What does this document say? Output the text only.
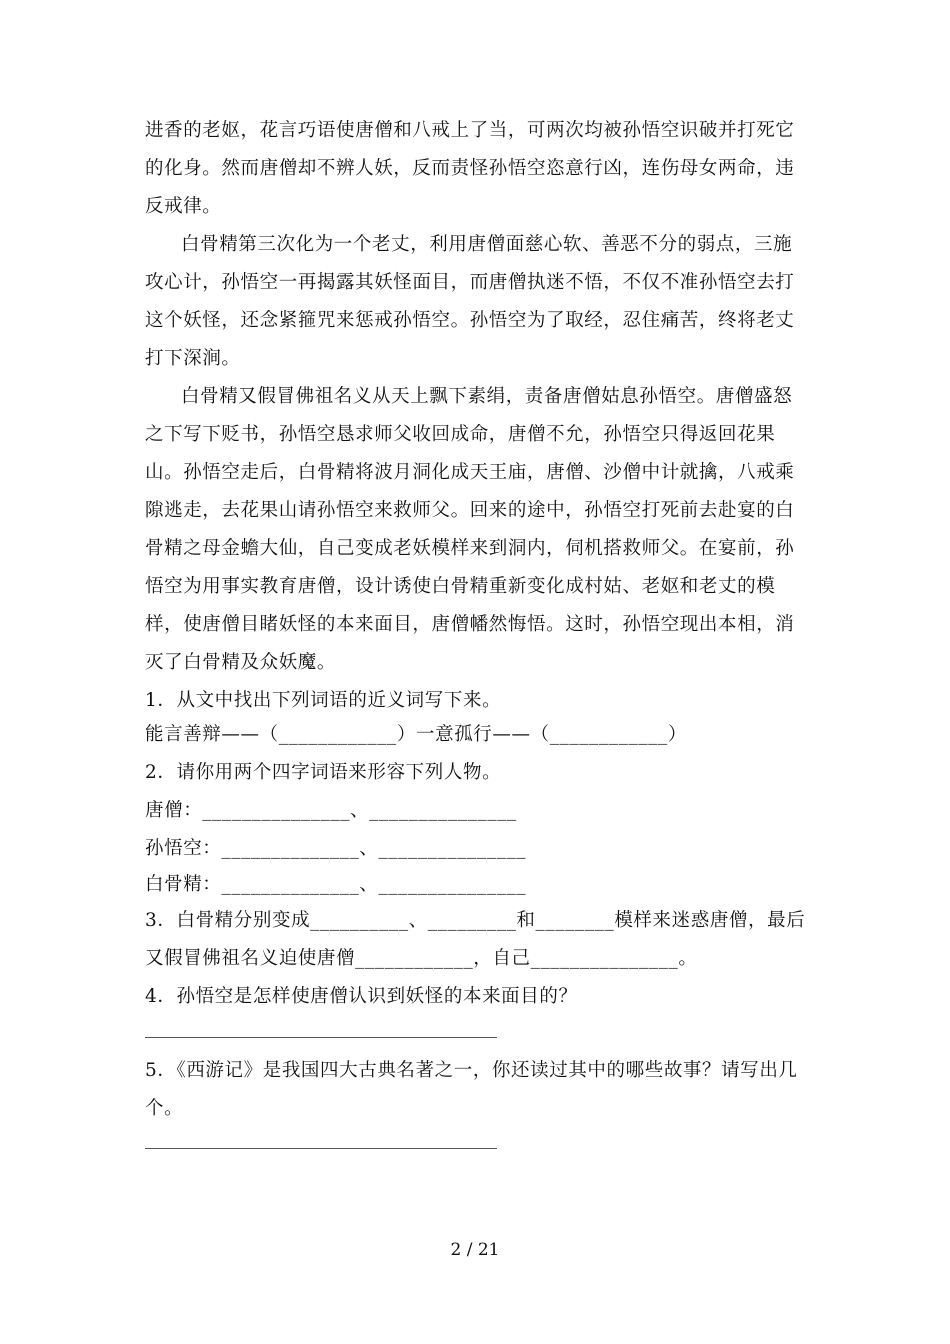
进香的老妪，花言巧语使唐僧和八戒上了当，可两次均被孙悟空识破并打死它
的化身。然而唐僧却不辨人妖，反而责怪孙悟空恣意行凶，连伤母女两命，违
反戒律。
白骨精第三次化为一个老丈，利用唐僧面慈心软、善恶不分的弱点，三施
攻心计，孙悟空一再揭露其妖怪面目，而唐僧执迷不悟，不仅不准孙悟空去打
这个妖怪，还念紧箍咒来惩戒孙悟空。孙悟空为了取经，忍住痛苦，终将老丈
打下深涧。
白骨精又假冒佛祖名义从天上飘下素绢，责备唐僧姑息孙悟空。唐僧盛怒
之下写下贬书，孙悟空恳求师父收回成命，唐僧不允，孙悟空只得返回花果
山。孙悟空走后，白骨精将波月洞化成天王庙，唐僧、沙僧中计就擒，八戒乘
隙逃走，去花果山请孙悟空来救师父。回来的途中，孙悟空打死前去赴宴的白
骨精之母金蟾大仙，自己变成老妖模样来到洞内，伺机搭救师父。在宴前，孙
悟空为用事实教育唐僧，设计诱使白骨精重新变化成村姑、老妪和老丈的模
样，使唐僧目睹妖怪的本来面目，唐僧幡然悔悟。这时，孙悟空现出本相，消
灭了白骨精及众妖魔。
1．从文中找出下列词语的近义词写下来。
能言善辩——（____________）一意孤行——（____________）
2．请你用两个四字词语来形容下列人物。
唐僧：_______________、_______________
孙悟空：______________、_______________
白骨精：______________、_______________
3．白骨精分别变成__________、_________和________模样来迷惑唐僧，最后
又假冒佛祖名义迫使唐僧____________，自己_______________。
4．孙悟空是怎样使唐僧认识到妖怪的本来面目的？
5．《西游记》是我国四大古典名著之一，你还读过其中的哪些故事？请写出几
个。
2 / 21
